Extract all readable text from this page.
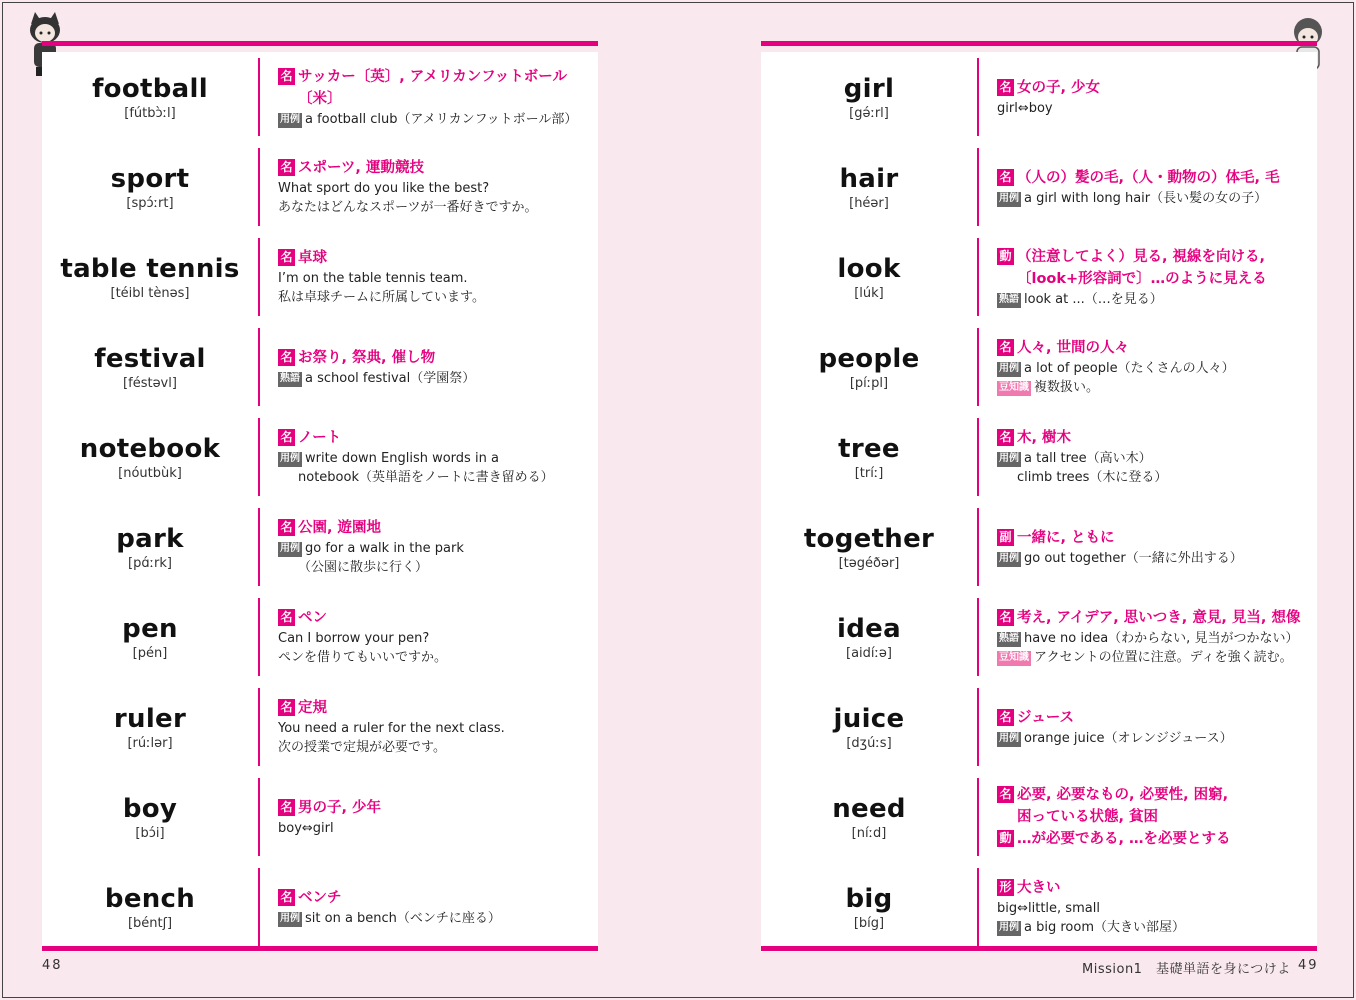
football
[fútbɔ̀ːl]
名 サッカー〔英〕, アメリカンフットボール
〔米〕
用例 a football club（アメリカンフットボール部）
sport
[spɔ́ːrt]
名 スポーツ, 運動競技
What sport do you like the best?
あなたはどんなスポーツが一番好きですか。
table tennis
[téibl tènəs]
名 卓球
I’m on the table tennis team.
私は卓球チームに所属しています。
festival
[féstəvl]
名 お祭り, 祭典, 催し物
熟語 a school festival（学園祭）
notebook
[nóutbùk]
名 ノート
用例 write down English words in a
notebook（英単語をノートに書き留める）
park
[pɑ́ːrk]
名 公園, 遊園地
用例 go for a walk in the park
（公園に散歩に行く）
pen
[pén]
名 ペン
Can I borrow your pen?
ペンを借りてもいいですか。
ruler
[rúːlər]
名 定規
You need a ruler for the next class.
次の授業で定規が必要です。
boy
[bɔ́i]
名 男の子, 少年
boy⇔girl
bench
[béntʃ]
名 ベンチ
用例 sit on a bench（ベンチに座る）
48
girl
[gə́ːrl]
名 女の子, 少女
girl⇔boy
hair
[héər]
名 （人の）髪の毛,（人・動物の）体毛, 毛
用例 a girl with long hair（長い髪の女の子）
look
[lúk]
動 （注意してよく）見る, 視線を向ける,
〔look+形容詞で〕…のように見える
熟語 look at ...（…を見る）
people
[píːpl]
名 人々, 世間の人々
用例 a lot of people（たくさんの人々）
豆知識 複数扱い。
tree
[tríː]
名 木, 樹木
用例 a tall tree（高い木）
climb trees（木に登る）
together
[təgéðər]
副 一緒に, ともに
用例 go out together（一緒に外出する）
idea
[aidíːə]
名 考え, アイデア, 思いつき, 意見, 見当, 想像
熟語 have no idea（わからない, 見当がつかない）
豆知識 アクセントの位置に注意。ディを強く読む。
juice
[dʒúːs]
名 ジュース
用例 orange juice（オレンジジュース）
need
[níːd]
名 必要, 必要なもの, 必要性, 困窮,
困っている状態, 貧困
動 …が必要である, …を必要とする
big
[bíg]
形 大きい
big⇔little, small
用例 a big room（大きい部屋）
Mission1　基礎単語を身につけよ 49
